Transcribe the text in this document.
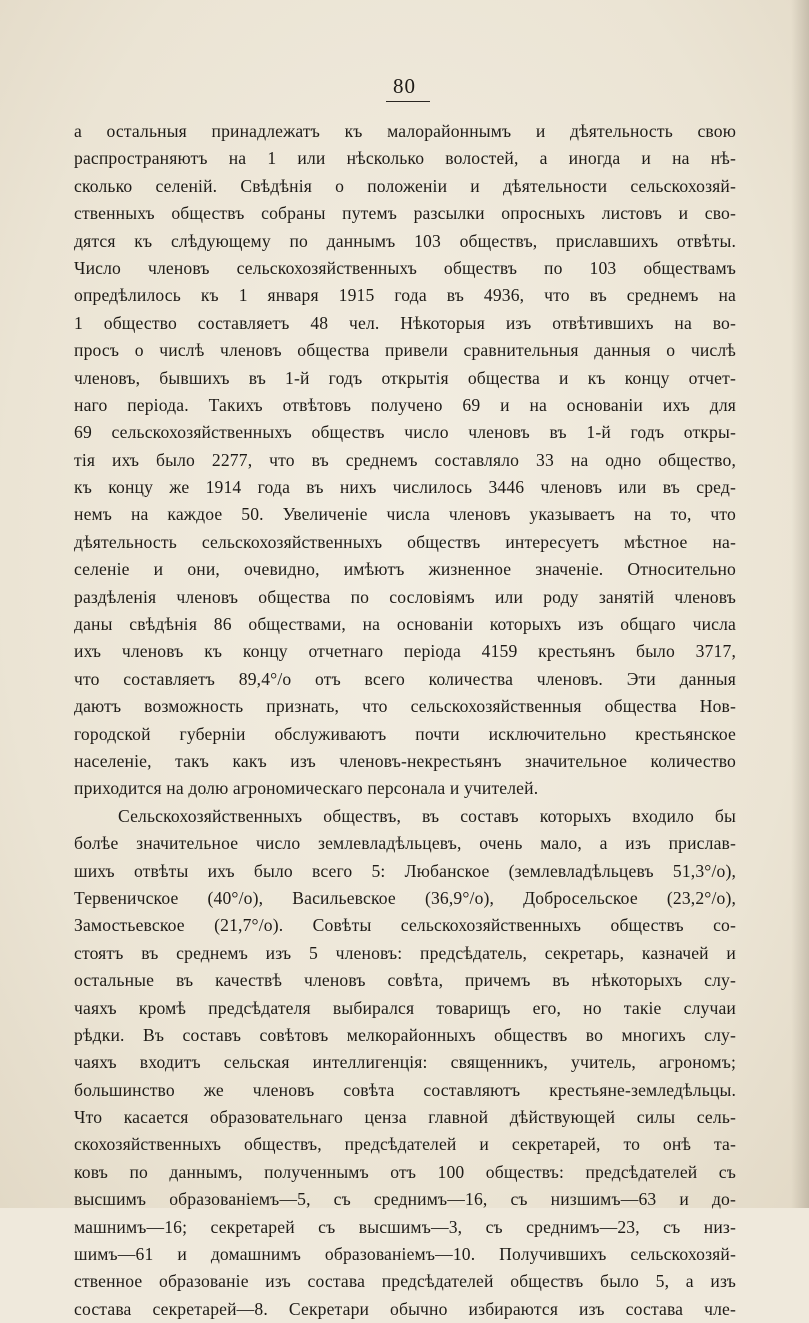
80
а остальныя принадлежатъ къ малорайоннымъ и дѣятельность свою
распространяютъ на 1 или нѣсколько волостей, а иногда и на нѣ-
сколько селеній. Свѣдѣнія о положеніи и дѣятельности сельскохозяй-
ственныхъ обществъ собраны путемъ разсылки опросныхъ листовъ и сво-
дятся къ слѣдующему по даннымъ 103 обществъ, приславшихъ отвѣты.
Число членовъ сельскохозяйственныхъ обществъ по 103 обществамъ
опредѣлилось къ 1 января 1915 года въ 4936, что въ среднемъ на
1 общество составляетъ 48 чел. Нѣкоторыя изъ отвѣтившихъ на во-
просъ о числѣ членовъ общества привели сравнительныя данныя о числѣ
членовъ, бывшихъ въ 1-й годъ открытія общества и къ концу отчет-
наго періода. Такихъ отвѣтовъ получено 69 и на основаніи ихъ для
69 сельскохозяйственныхъ обществъ число членовъ въ 1-й годъ откры-
тія ихъ было 2277, что въ среднемъ составляло 33 на одно общество,
къ концу же 1914 года въ нихъ числилось 3446 членовъ или въ сред-
немъ на каждое 50. Увеличеніе числа членовъ указываетъ на то, что
дѣятельность сельскохозяйственныхъ обществъ интересуетъ мѣстное на-
селеніе и они, очевидно, имѣютъ жизненное значеніе. Относительно
раздѣленія членовъ общества по сословіямъ или роду занятій членовъ
даны свѣдѣнія 86 обществами, на основаніи которыхъ изъ общаго числа
ихъ членовъ къ концу отчетнаго періода 4159 крестьянъ было 3717,
что составляетъ 89,4°/о отъ всего количества членовъ. Эти данныя
даютъ возможность признать, что сельскохозяйственныя общества Нов-
городской губерніи обслуживаютъ почти исключительно крестьянское
населеніе, такъ какъ изъ членовъ-некрестьянъ значительное количество
приходится на долю агрономическаго персонала и учителей.
Сельскохозяйственныхъ обществъ, въ составъ которыхъ входило бы
болѣе значительное число землевладѣльцевъ, очень мало, а изъ прислав-
шихъ отвѣты ихъ было всего 5: Любанское (землевладѣльцевъ 51,3°/о),
Тервеничское (40°/о), Васильевское (36,9°/о), Добросельское (23,2°/о),
Замостьевское (21,7°/о). Совѣты сельскохозяйственныхъ обществъ со-
стоятъ въ среднемъ изъ 5 членовъ: предсѣдатель, секретарь, казначей и
остальные въ качествѣ членовъ совѣта, причемъ въ нѣкоторыхъ слу-
чаяхъ кромѣ предсѣдателя выбирался товарищъ его, но такіе случаи
рѣдки. Въ составъ совѣтовъ мелкорайонныхъ обществъ во многихъ слу-
чаяхъ входитъ сельская интеллигенція: священникъ, учитель, агрономъ;
большинство же членовъ совѣта составляютъ крестьяне-земледѣльцы.
Что касается образовательнаго ценза главной дѣйствующей силы сель-
скохозяйственныхъ обществъ, предсѣдателей и секретарей, то онѣ та-
ковъ по даннымъ, полученнымъ отъ 100 обществъ: предсѣдателей съ
высшимъ образованіемъ—5, съ среднимъ—16, съ низшимъ—63 и до-
машнимъ—16; секретарей съ высшимъ—3, съ среднимъ—23, съ низ-
шимъ—61 и домашнимъ образованіемъ—10. Получившихъ сельскохозяй-
ственное образованіе изъ состава предсѣдателей обществъ было 5, а изъ
состава секретарей—8. Секретари обычно избираются изъ состава чле-
